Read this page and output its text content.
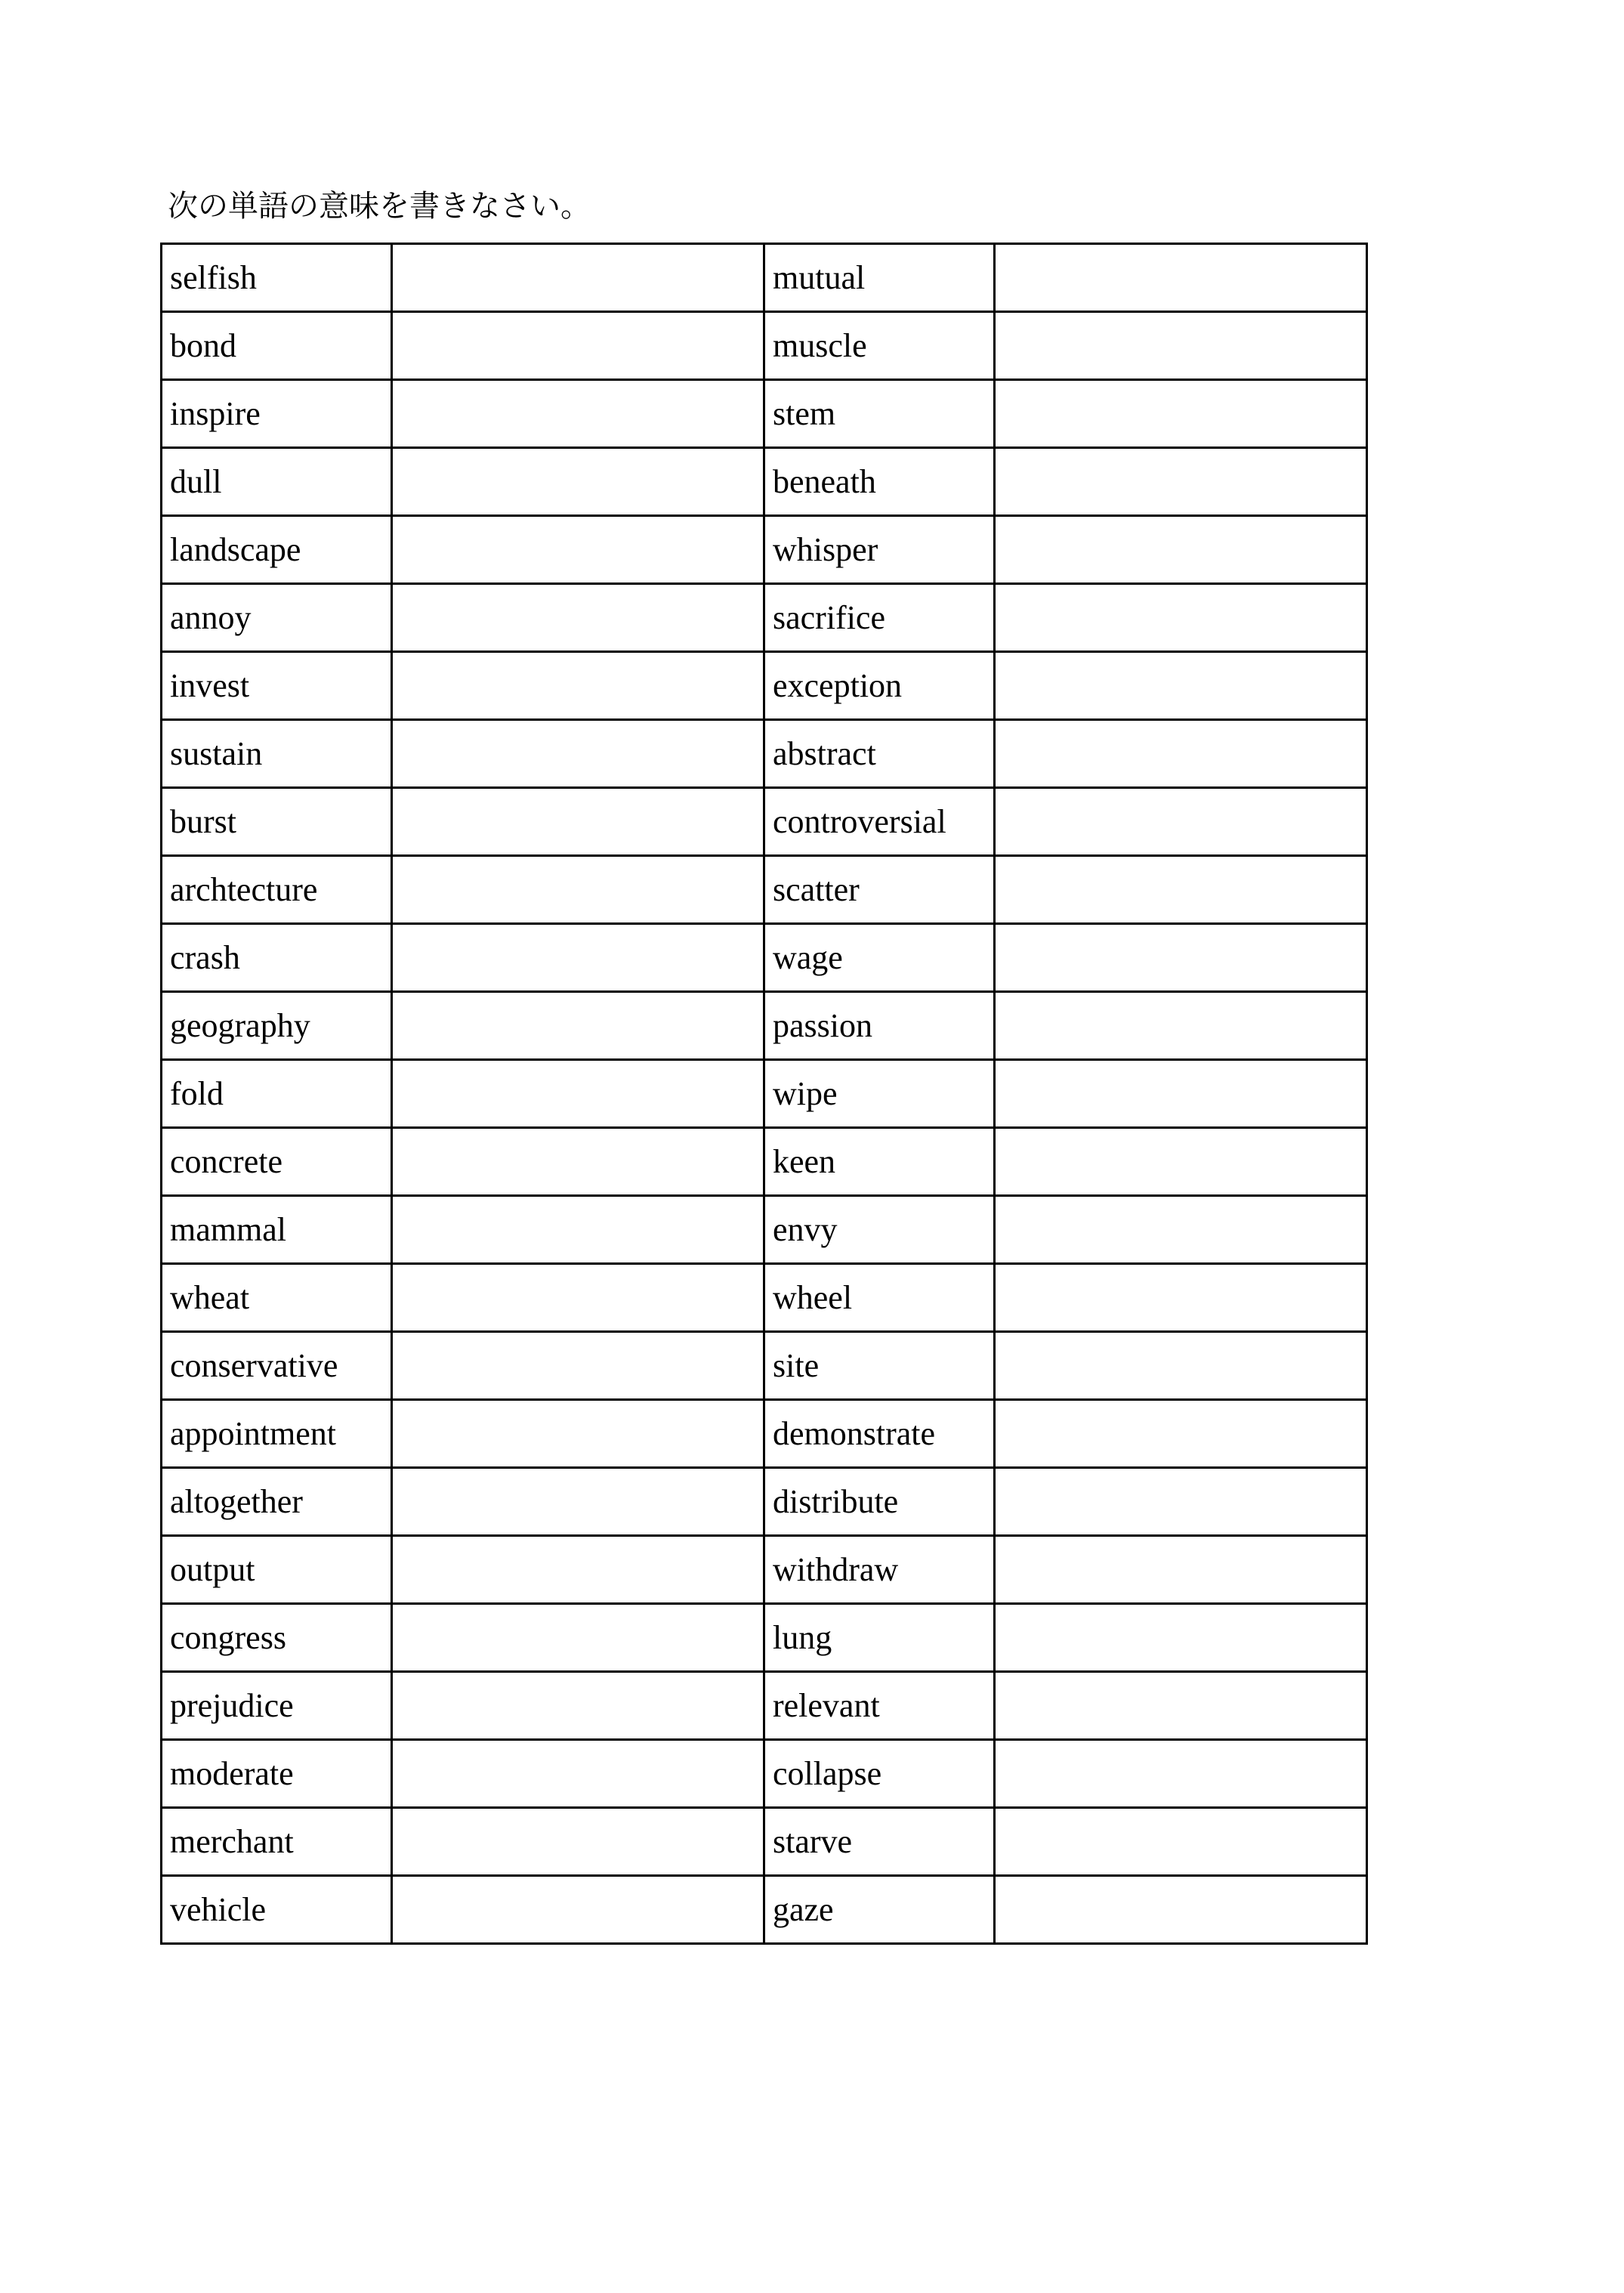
次の単語の意味を書きなさい。
selfish		mutual	
bond		muscle	
inspire		stem	
dull		beneath	
landscape		whisper	
annoy		sacrifice	
invest		exception	
sustain		abstract	
burst		controversial	
archtecture		scatter	
crash		wage	
geography		passion	
fold		wipe	
concrete		keen	
mammal		envy	
wheat		wheel	
conservative		site	
appointment		demonstrate	
altogether		distribute	
output		withdraw	
congress		lung	
prejudice		relevant	
moderate		collapse	
merchant		starve	
vehicle		gaze	
